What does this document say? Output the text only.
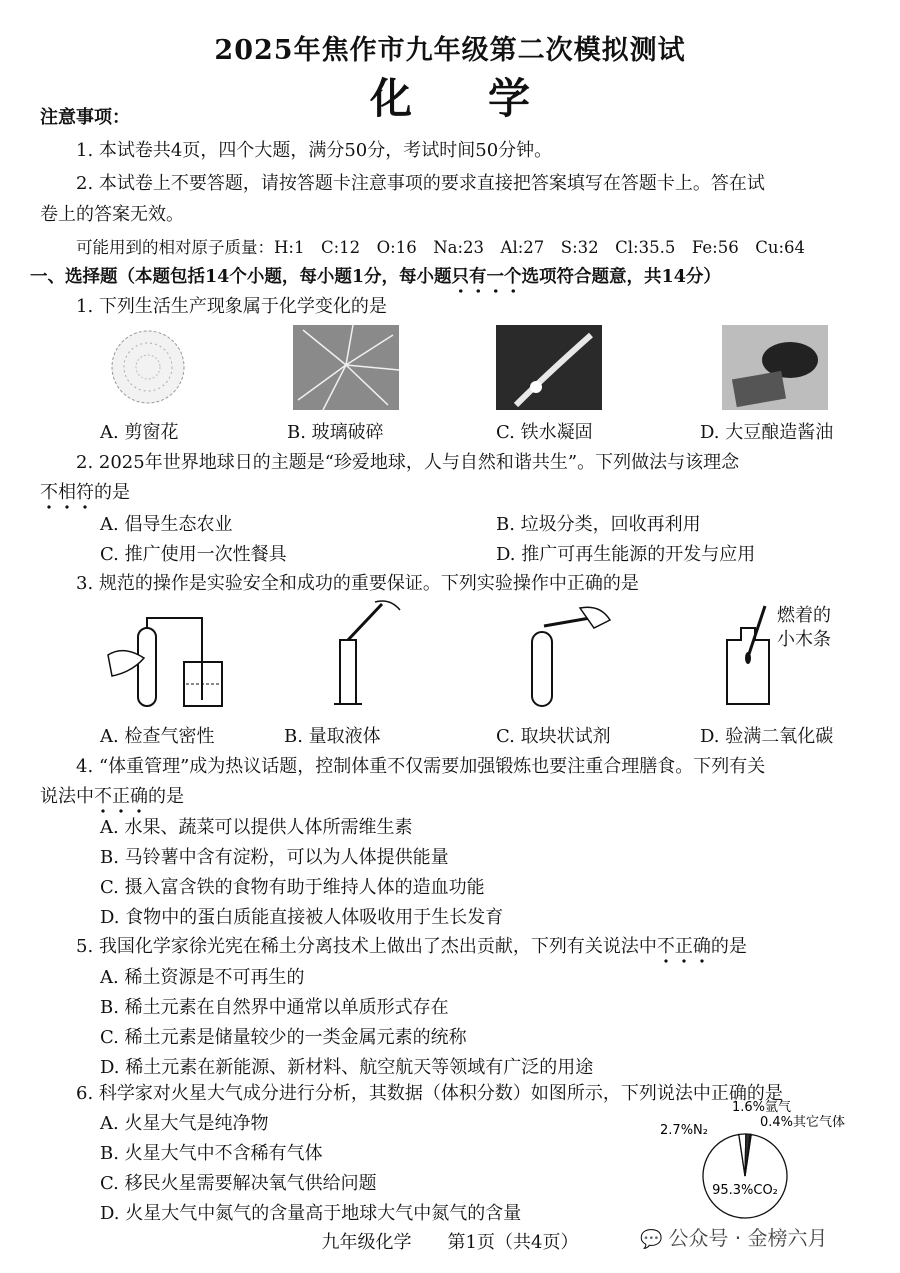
2025年焦作市九年级第二次模拟测试
化 学
注意事项：
1. 本试卷共4页，四个大题，满分50分，考试时间50分钟。
2. 本试卷上不要答题，请按答题卡注意事项的要求直接把答案填写在答题卡上。答在试
卷上的答案无效。
可能用到的相对原子质量：H:1　C:12　O:16　Na:23　Al:27　S:32　Cl:35.5　Fe:56　Cu:64
一、选择题（本题包括14个小题，每小题1分，每小题只有一个选项符合题意，共14分）
1. 下列生活生产现象属于化学变化的是
A. 剪窗花	B. 玻璃破碎	C. 铁水凝固	D. 大豆酿造酱油
2. 2025年世界地球日的主题是“珍爱地球，人与自然和谐共生”。下列做法与该理念
不相符的是
A. 倡导生态农业	B. 垃圾分类，回收再利用
C. 推广使用一次性餐具	D. 推广可再生能源的开发与应用
3. 规范的操作是实验安全和成功的重要保证。下列实验操作中正确的是
燃着的
小木条
A. 检查气密性	B. 量取液体	C. 取块状试剂	D. 验满二氧化碳
4. “体重管理”成为热议话题，控制体重不仅需要加强锻炼也要注重合理膳食。下列有关
说法中不正确的是
A. 水果、蔬菜可以提供人体所需维生素
B. 马铃薯中含有淀粉，可以为人体提供能量
C. 摄入富含铁的食物有助于维持人体的造血功能
D. 食物中的蛋白质能直接被人体吸收用于生长发育
5. 我国化学家徐光宪在稀土分离技术上做出了杰出贡献，下列有关说法中不正确的是
A. 稀土资源是不可再生的
B. 稀土元素在自然界中通常以单质形式存在
C. 稀土元素是储量较少的一类金属元素的统称
D. 稀土元素在新能源、新材料、航空航天等领域有广泛的用途
6. 科学家对火星大气成分进行分析，其数据（体积分数）如图所示，下列说法中正确的是
A. 火星大气是纯净物
B. 火星大气中不含稀有气体
C. 移民火星需要解决氧气供给问题
D. 火星大气中氮气的含量高于地球大气中氮气的含量
95.3%CO₂
2.7%N₂
1.6%氩气
0.4%其它气体
九年级化学　　第1页（共4页）	💬 公众号 · 金榜六月
